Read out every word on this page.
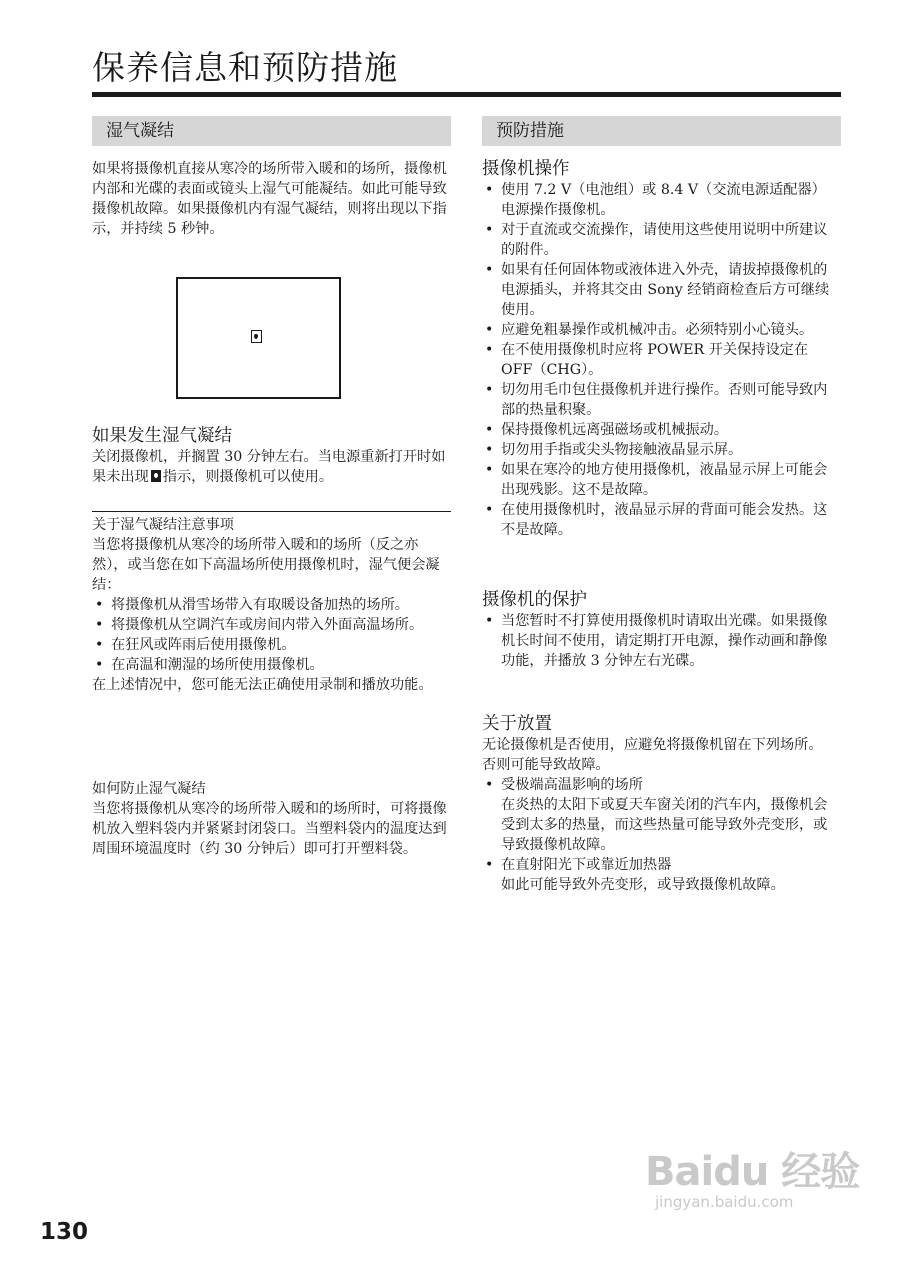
保养信息和预防措施
湿气凝结

如果将摄像机直接从寒冷的场所带入暖和的场所，摄像机内部和光碟的表面或镜头上湿气可能凝结。如此可能导致摄像机故障。如果摄像机内有湿气凝结，则将出现以下指示，并持续 5 秒钟。

如果发生湿气凝结

关闭摄像机，并搁置 30 分钟左右。当电源重新打开时如果未出现 指示，则摄像机可以使用。

关于湿气凝结注意事项

当您将摄像机从寒冷的场所带入暖和的场所（反之亦然），或当您在如下高温场所使用摄像机时，湿气便会凝结：

• 将摄像机从滑雪场带入有取暖设备加热的场所。
• 将摄像机从空调汽车或房间内带入外面高温场所。
• 在狂风或阵雨后使用摄像机。
• 在高温和潮湿的场所使用摄像机。

在上述情况中，您可能无法正确使用录制和播放功能。

如何防止湿气凝结

当您将摄像机从寒冷的场所带入暖和的场所时，可将摄像机放入塑料袋内并紧紧封闭袋口。当塑料袋内的温度达到周围环境温度时（约 30 分钟后）即可打开塑料袋。

预防措施

摄像机操作

• 使用 7.2 V（电池组）或 8.4 V（交流电源适配器）电源操作摄像机。
• 对于直流或交流操作，请使用这些使用说明中所建议的附件。
• 如果有任何固体物或液体进入外壳，请拔掉摄像机的电源插头，并将其交由 Sony 经销商检查后方可继续使用。
• 应避免粗暴操作或机械冲击。必须特别小心镜头。
• 在不使用摄像机时应将 POWER 开关保持设定在 OFF（CHG）。
• 切勿用毛巾包住摄像机并进行操作。否则可能导致内部的热量积聚。
• 保持摄像机远离强磁场或机械振动。
• 切勿用手指或尖头物接触液晶显示屏。
• 如果在寒冷的地方使用摄像机，液晶显示屏上可能会出现残影。这不是故障。
• 在使用摄像机时，液晶显示屏的背面可能会发热。这不是故障。

摄像机的保护

• 当您暂时不打算使用摄像机时请取出光碟。如果摄像机长时间不使用，请定期打开电源，操作动画和静像功能，并播放 3 分钟左右光碟。

关于放置

无论摄像机是否使用，应避免将摄像机留在下列场所。否则可能导致故障。

• 受极端高温影响的场所
在炎热的太阳下或夏天车窗关闭的汽车内，摄像机会受到太多的热量，而这些热量可能导致外壳变形，或导致摄像机故障。
• 在直射阳光下或靠近加热器
如此可能导致外壳变形，或导致摄像机故障。
Baidu 经验
jingyan.baidu.com
130
